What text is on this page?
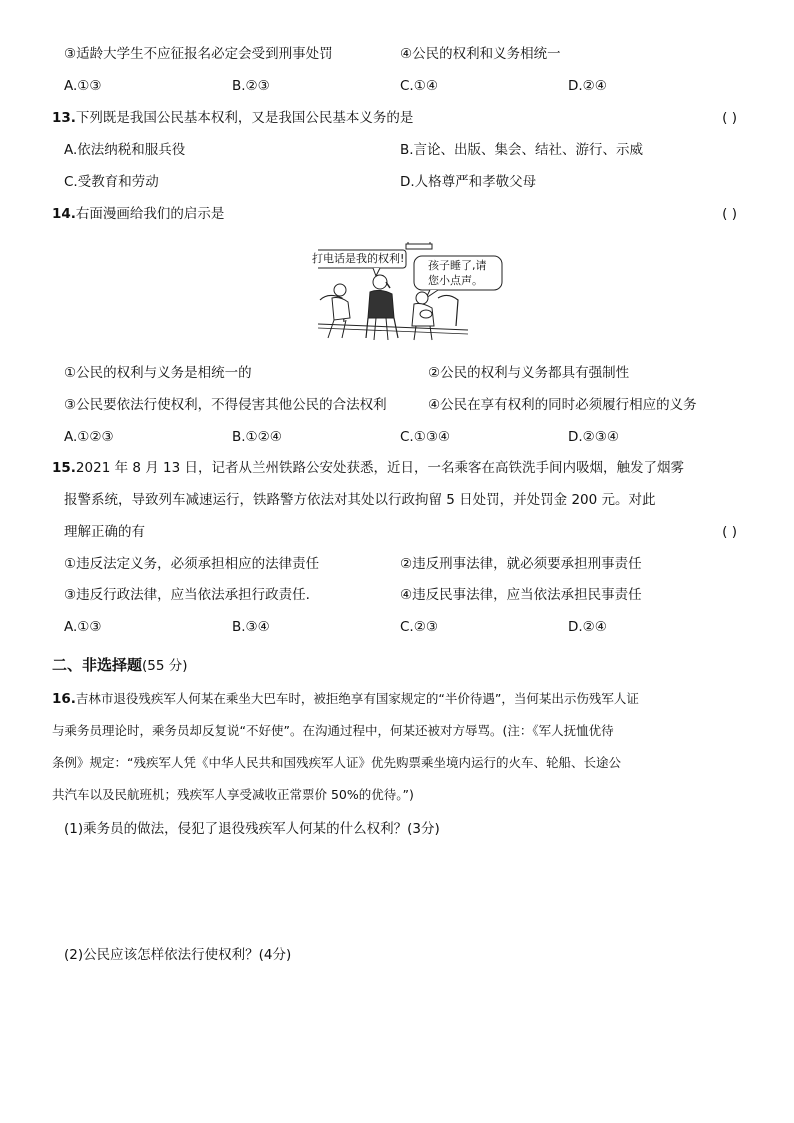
③适龄大学生不应征报名必定会受到刑事处罚	④公民的权利和义务相统一
A.①③	B.②③	C.①④	D.②④
13.下列既是我国公民基本权利，又是我国公民基本义务的是	( )
A.依法纳税和服兵役	B.言论、出版、集会、结社、游行、示威
C.受教育和劳动	D.人格尊严和孝敬父母
14.右面漫画给我们的启示是	( )
打电话是我的权利!
孩子睡了,请
您小点声。
①公民的权利与义务是相统一的	②公民的权利与义务都具有强制性
③公民要依法行使权利，不得侵害其他公民的合法权利	④公民在享有权利的同时必须履行相应的义务
A.①②③	B.①②④	C.①③④	D.②③④
15.2021 年 8 月 13 日，记者从兰州铁路公安处获悉，近日，一名乘客在高铁洗手间内吸烟，触发了烟雾
报警系统，导致列车减速运行，铁路警方依法对其处以行政拘留 5 日处罚，并处罚金 200 元。对此
理解正确的有	( )
①违反法定义务，必须承担相应的法律责任	②违反刑事法律，就必须要承担刑事责任
③违反行政法律，应当依法承担行政责任.	④违反民事法律，应当依法承担民事责任
A.①③	B.③④	C.②③	D.②④
二、非选择题(55 分)
16.吉林市退役残疾军人何某在乘坐大巴车时，被拒绝享有国家规定的“半价待遇”，当何某出示伤残军人证
与乘务员理论时，乘务员却反复说“不好使”。在沟通过程中，何某还被对方辱骂。(注：《军人抚恤优待
条例》规定：“残疾军人凭《中华人民共和国残疾军人证》优先购票乘坐境内运行的火车、轮船、长途公
共汽车以及民航班机；残疾军人享受减收正常票价 50%的优待。”)
(1)乘务员的做法，侵犯了退役残疾军人何某的什么权利？(3分)
(2)公民应该怎样依法行使权利？(4分)
